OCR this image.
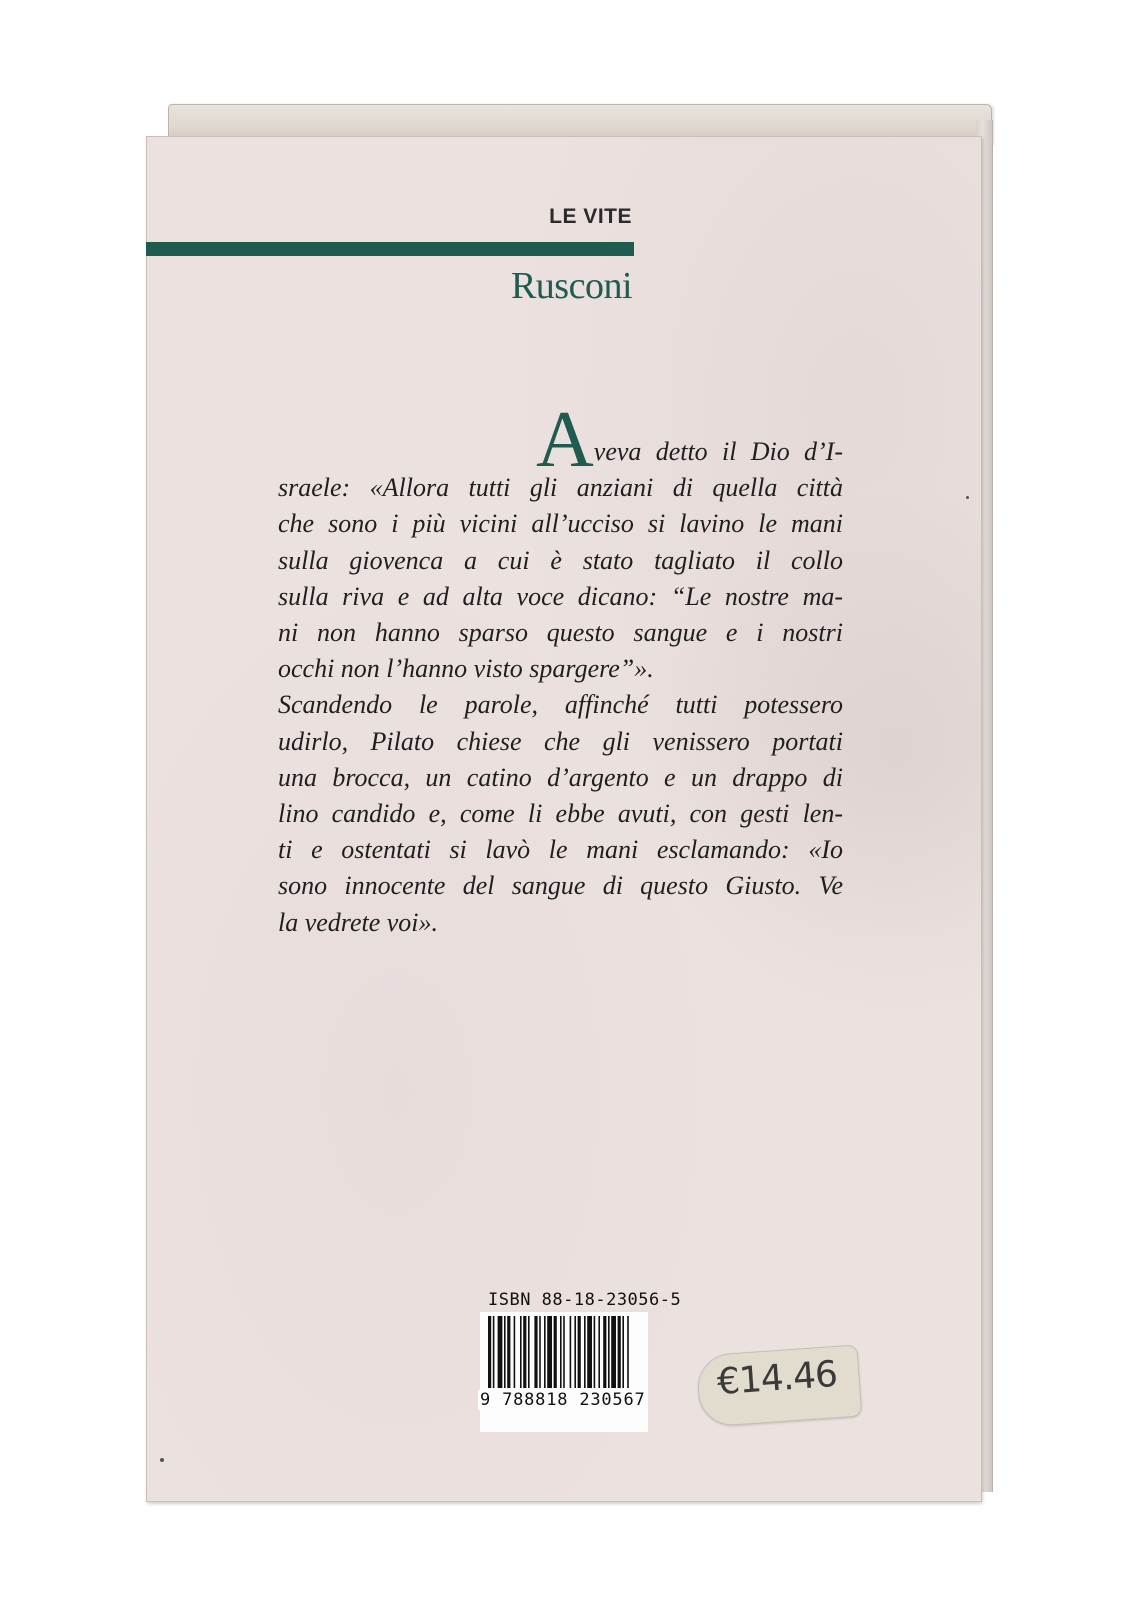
LE VITE
Rusconi
Aveva detto il Dio d’I-
sraele: «Allora tutti gli anziani di quella città
che sono i più vicini all’ucciso si lavino le mani
sulla giovenca a cui è stato tagliato il collo
sulla riva e ad alta voce dicano: “Le nostre ma-
ni non hanno sparso questo sangue e i nostri
occhi non l’hanno visto spargere”».
Scandendo le parole, affinché tutti potessero
udirlo, Pilato chiese che gli venissero portati
una brocca, un catino d’argento e un drappo di
lino candido e, come li ebbe avuti, con gesti len-
ti e ostentati si lavò le mani esclamando: «Io
sono innocente del sangue di questo Giusto. Ve
la vedrete voi».
ISBN 88-18-23056-5
9 788818 230567 €14.46
